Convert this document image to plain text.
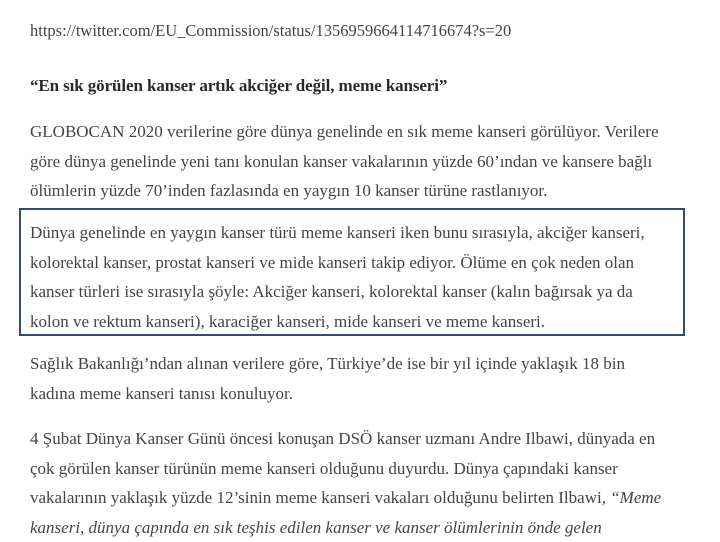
https://twitter.com/EU_Commission/status/1356959664114716674?s=20
“En sık görülen kanser artık akciğer değil, meme kanseri”

GLOBOCAN 2020 verilerine göre dünya genelinde en sık meme kanseri görülüyor. Verilere
göre dünya genelinde yeni tanı konulan kanser vakalarının yüzde 60’ından ve kansere bağlı
ölümlerin yüzde 70’inden fazlasında en yaygın 10 kanser türüne rastlanıyor.

Dünya genelinde en yaygın kanser türü meme kanseri iken bunu sırasıyla, akciğer kanseri,
kolorektal kanser, prostat kanseri ve mide kanseri takip ediyor. Ölüme en çok neden olan
kanser türleri ise sırasıyla şöyle: Akciğer kanseri, kolorektal kanser (kalın bağırsak ya da
kolon ve rektum kanseri), karaciğer kanseri, mide kanseri ve meme kanseri.

Sağlık Bakanlığı’ndan alınan verilere göre, Türkiye’de ise bir yıl içinde yaklaşık 18 bin
kadına meme kanseri tanısı konuluyor.

4 Şubat Dünya Kanser Günü öncesi konuşan DSÖ kanser uzmanı Andre Ilbawi, dünyada en
çok görülen kanser türünün meme kanseri olduğunu duyurdu. Dünya çapındaki kanser
vakalarının yaklaşık yüzde 12’sinin meme kanseri vakaları olduğunu belirten Ilbawi, “Meme
kanseri, dünya çapında en sık teşhis edilen kanser ve kanser ölümlerinin önde gelen
